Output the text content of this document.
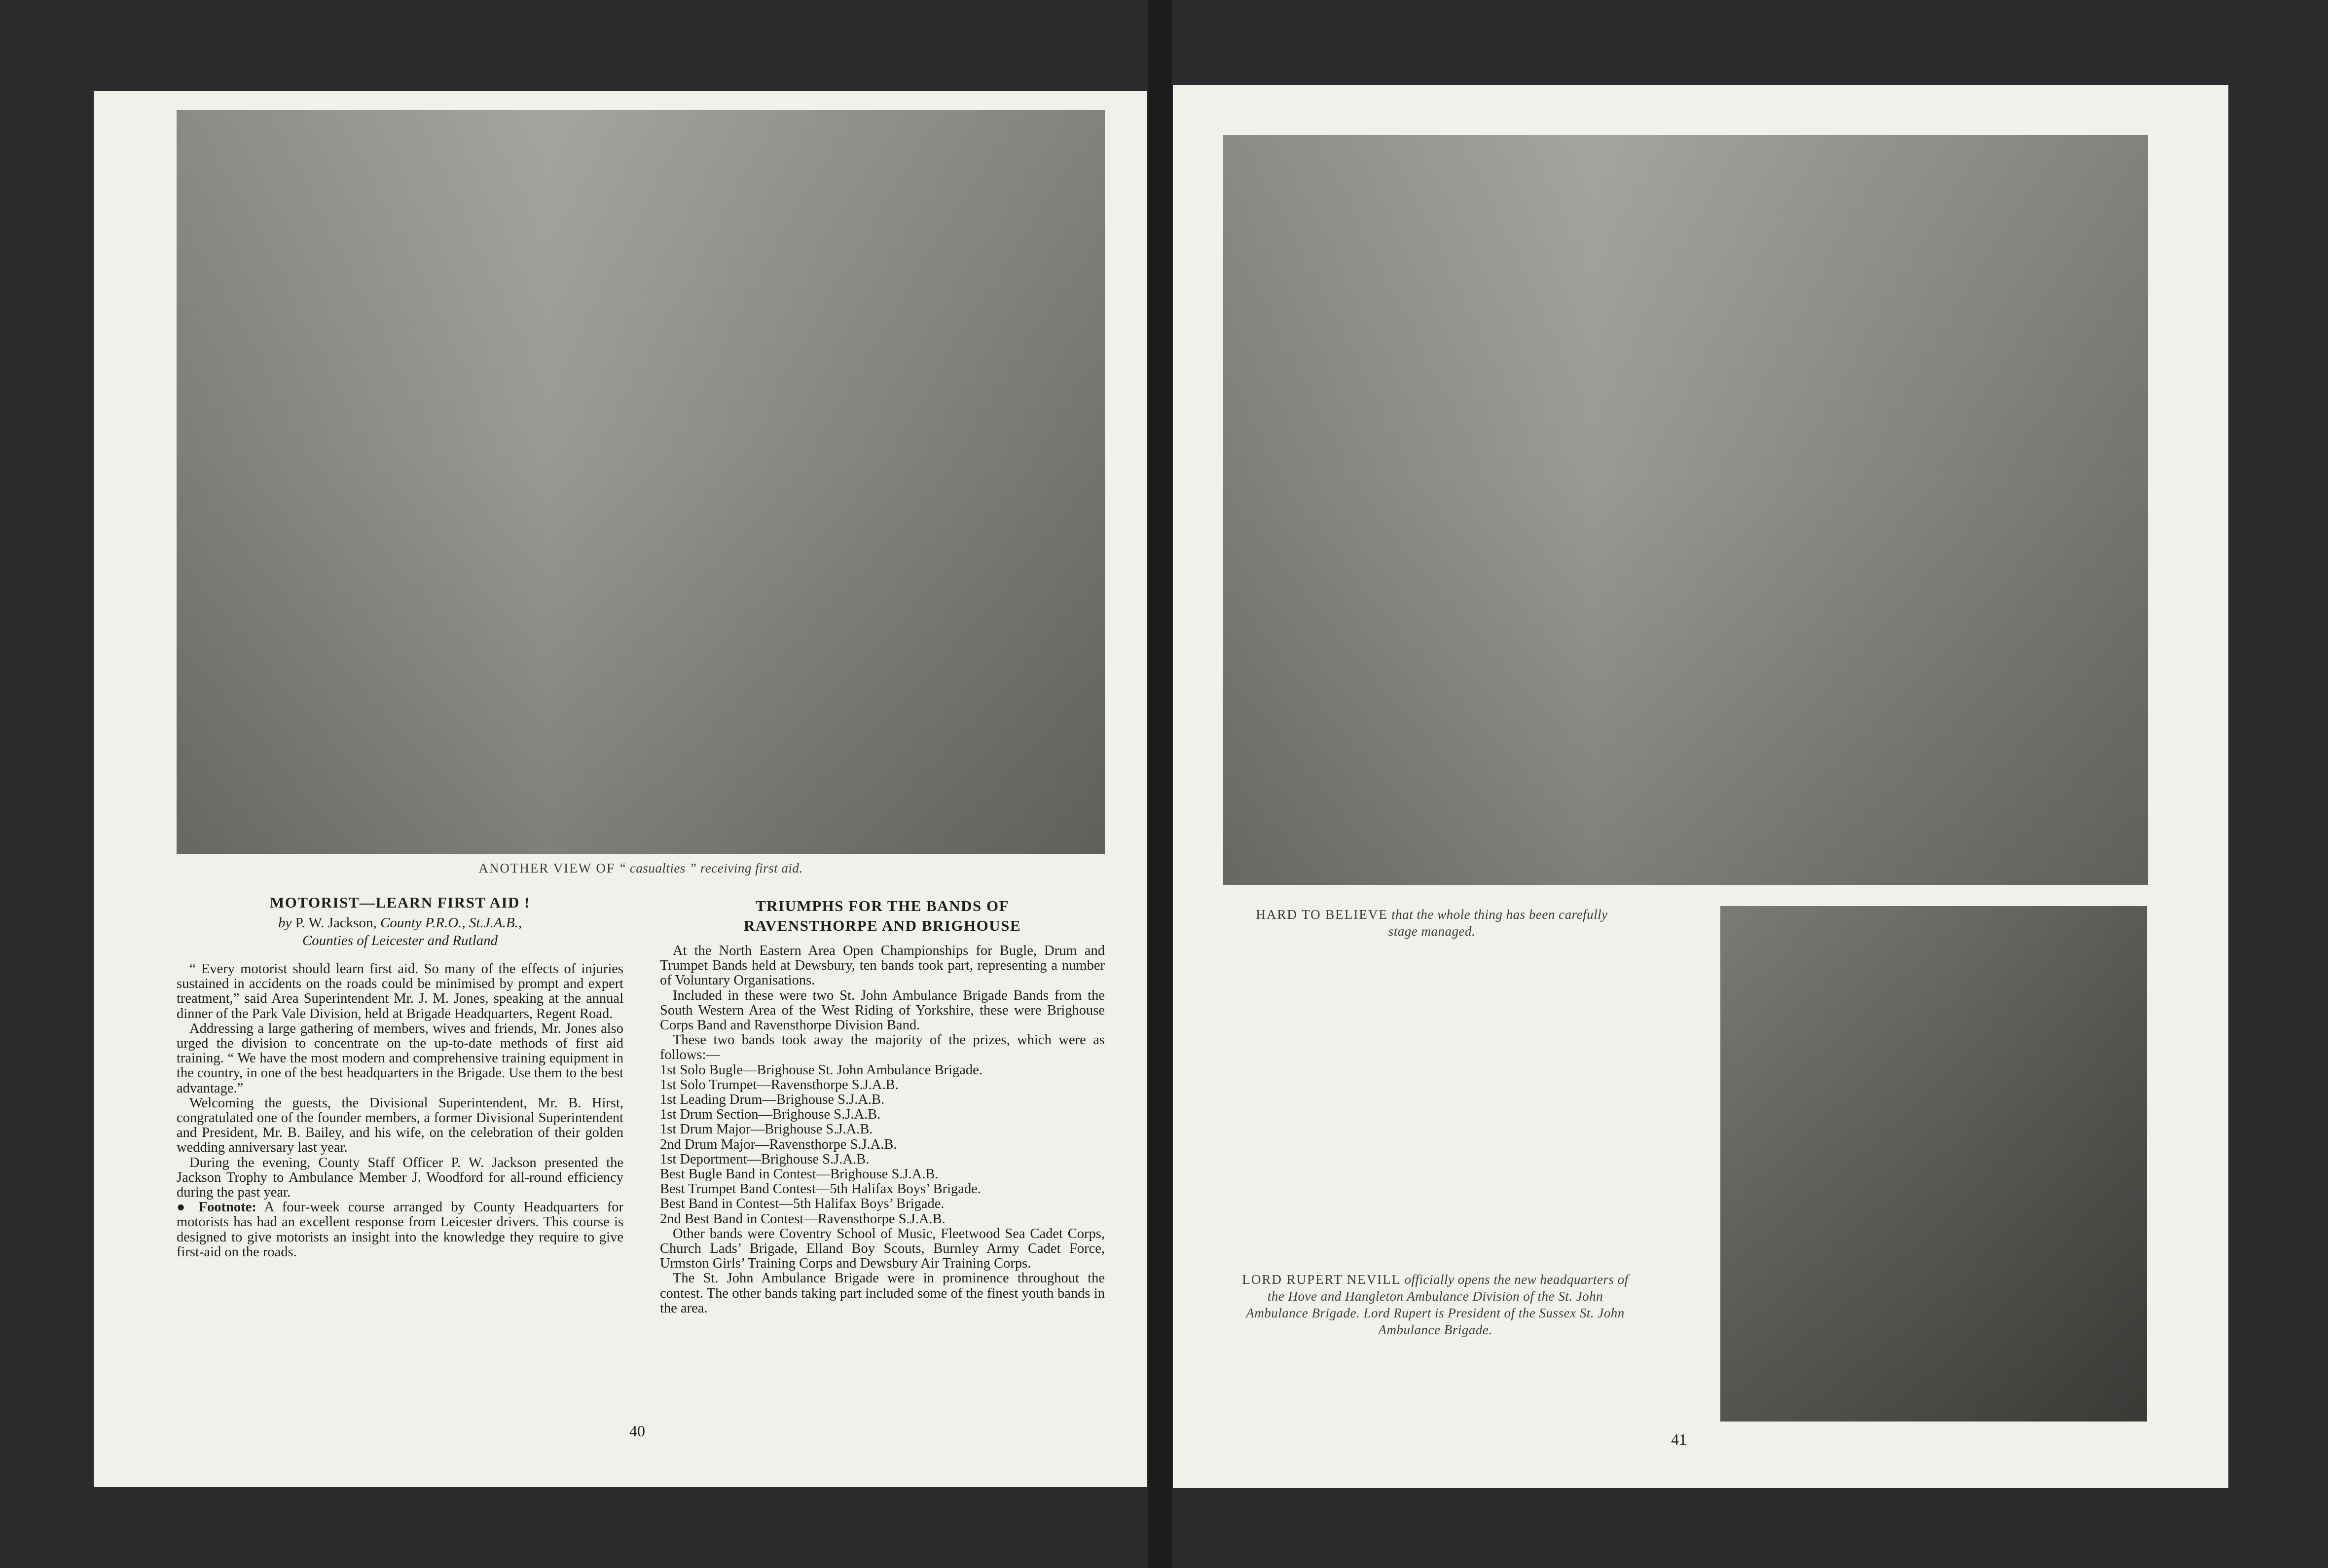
ANOTHER VIEW OF “ casualties ” receiving first aid.
MOTORIST—LEARN FIRST AID !
by P. W. Jackson, County P.R.O., St.J.A.B.,
Counties of Leicester and Rutland

“ Every motorist should learn first aid. So many of the effects of injuries sustained in accidents on the roads could be minimised by prompt and expert treatment,” said Area Superintendent Mr. J. M. Jones, speaking at the annual dinner of the Park Vale Division, held at Brigade Headquarters, Regent Road.

Addressing a large gathering of members, wives and friends, Mr. Jones also urged the division to concentrate on the up-to-date methods of first aid training. “ We have the most modern and comprehensive training equipment in the country, in one of the best headquarters in the Brigade. Use them to the best advantage.”

Welcoming the guests, the Divisional Superintendent, Mr. B. Hirst, congratulated one of the founder members, a former Divisional Superintendent and President, Mr. B. Bailey, and his wife, on the celebration of their golden wedding anniversary last year.

During the evening, County Staff Officer P. W. Jackson presented the Jackson Trophy to Ambulance Member J. Woodford for all-round efficiency during the past year.

● Footnote: A four-week course arranged by County Headquarters for motorists has had an excellent response from Leicester drivers. This course is designed to give motorists an insight into the knowledge they require to give first-aid on the roads.

TRIUMPHS FOR THE BANDS OF
RAVENSTHORPE AND BRIGHOUSE

At the North Eastern Area Open Championships for Bugle, Drum and Trumpet Bands held at Dewsbury, ten bands took part, representing a number of Voluntary Organisations.

Included in these were two St. John Ambulance Brigade Bands from the South Western Area of the West Riding of Yorkshire, these were Brighouse Corps Band and Ravensthorpe Division Band.

These two bands took away the majority of the prizes, which were as follows:—

1st Solo Bugle—Brighouse St. John Ambulance Brigade.

1st Solo Trumpet—Ravensthorpe S.J.A.B.

1st Leading Drum—Brighouse S.J.A.B.

1st Drum Section—Brighouse S.J.A.B.

1st Drum Major—Brighouse S.J.A.B.

2nd Drum Major—Ravensthorpe S.J.A.B.

1st Deportment—Brighouse S.J.A.B.

Best Bugle Band in Contest—Brighouse S.J.A.B.

Best Trumpet Band Contest—5th Halifax Boys’ Brigade.

Best Band in Contest—5th Halifax Boys’ Brigade.

2nd Best Band in Contest—Ravensthorpe S.J.A.B.

Other bands were Coventry School of Music, Fleetwood Sea Cadet Corps, Church Lads’ Brigade, Elland Boy Scouts, Burnley Army Cadet Force, Urmston Girls’ Training Corps and Dewsbury Air Training Corps.

The St. John Ambulance Brigade were in prominence throughout the contest. The other bands taking part included some of the finest youth bands in the area.

40
HARD TO BELIEVE that the whole thing has been carefully stage managed.
LORD RUPERT NEVILL officially opens the new headquarters of the Hove and Hangleton Ambulance Division of the St. John Ambulance Brigade. Lord Rupert is President of the Sussex St. John Ambulance Brigade.
41
